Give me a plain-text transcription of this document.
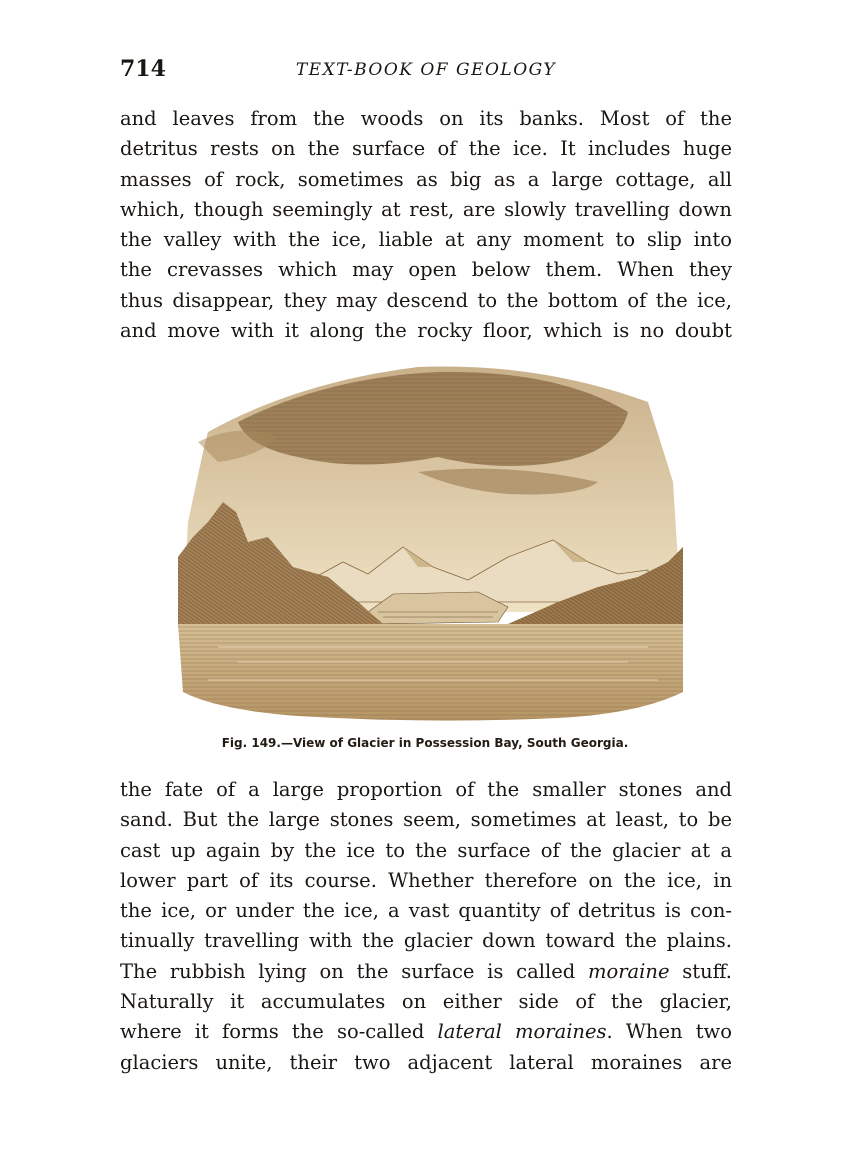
714	TEXT-BOOK OF GEOLOGY
and leaves from the woods on its banks. Most of the
detritus rests on the surface of the ice. It includes huge
masses of rock, sometimes as big as a large cottage, all
which, though seemingly at rest, are slowly travelling down
the valley with the ice, liable at any moment to slip into
the crevasses which may open below them. When they
thus disappear, they may descend to the bottom of the ice,
and move with it along the rocky floor, which is no doubt
Fig. 149.—View of Glacier in Possession Bay, South Georgia.
the fate of a large proportion of the smaller stones and
sand. But the large stones seem, sometimes at least, to be
cast up again by the ice to the surface of the glacier at a
lower part of its course. Whether therefore on the ice, in
the ice, or under the ice, a vast quantity of detritus is con-
tinually travelling with the glacier down toward the plains.
The rubbish lying on the surface is called moraine stuff.
Naturally it accumulates on either side of the glacier,
where it forms the so-called lateral moraines. When two
glaciers unite, their two adjacent lateral moraines are
